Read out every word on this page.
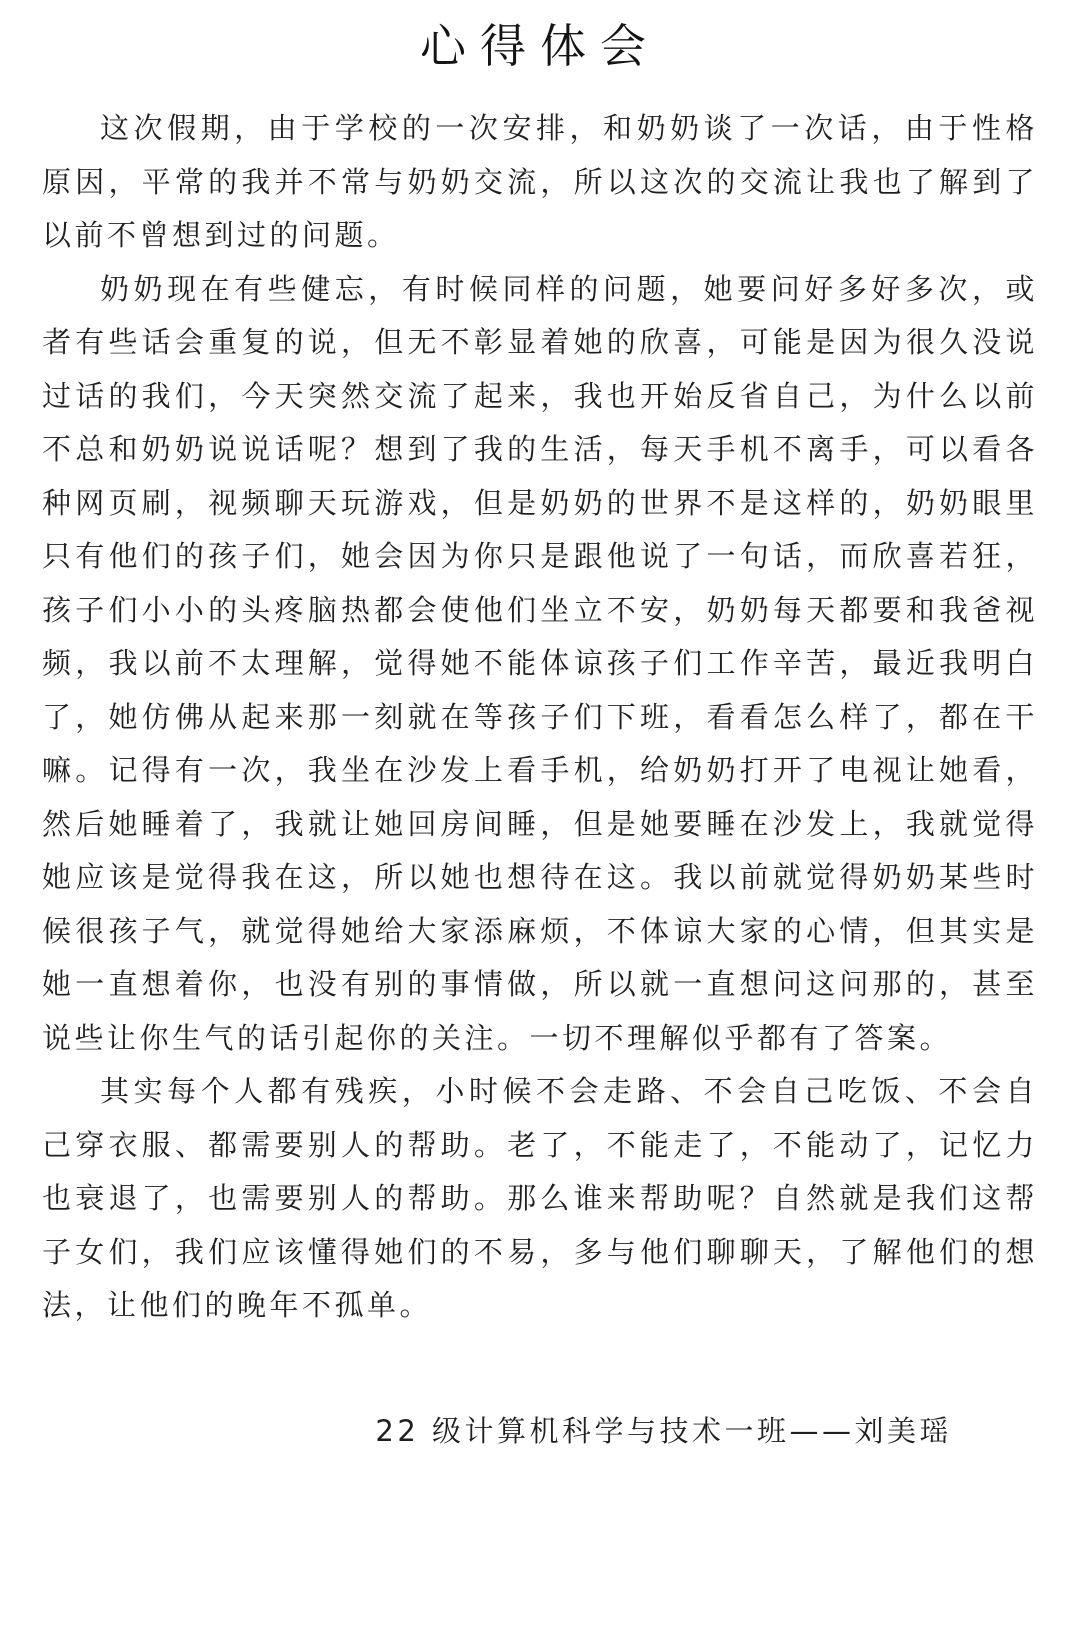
心得体会

这次假期，由于学校的一次安排，和奶奶谈了一次话，由于性格原因，平常的我并不常与奶奶交流，所以这次的交流让我也了解到了以前不曾想到过的问题。

奶奶现在有些健忘，有时候同样的问题，她要问好多好多次，或者有些话会重复的说，但无不彰显着她的欣喜，可能是因为很久没说过话的我们，今天突然交流了起来，我也开始反省自己，为什么以前不总和奶奶说说话呢？想到了我的生活，每天手机不离手，可以看各种网页刷，视频聊天玩游戏，但是奶奶的世界不是这样的，奶奶眼里只有他们的孩子们，她会因为你只是跟他说了一句话，而欣喜若狂，孩子们小小的头疼脑热都会使他们坐立不安，奶奶每天都要和我爸视频，我以前不太理解，觉得她不能体谅孩子们工作辛苦，最近我明白了，她仿佛从起来那一刻就在等孩子们下班，看看怎么样了，都在干嘛。记得有一次，我坐在沙发上看手机，给奶奶打开了电视让她看，然后她睡着了，我就让她回房间睡，但是她要睡在沙发上，我就觉得她应该是觉得我在这，所以她也想待在这。我以前就觉得奶奶某些时候很孩子气，就觉得她给大家添麻烦，不体谅大家的心情，但其实是她一直想着你，也没有别的事情做，所以就一直想问这问那的，甚至说些让你生气的话引起你的关注。一切不理解似乎都有了答案。

其实每个人都有残疾，小时候不会走路、不会自己吃饭、不会自己穿衣服、都需要别人的帮助。老了，不能走了，不能动了，记忆力也衰退了，也需要别人的帮助。那么谁来帮助呢？自然就是我们这帮子女们，我们应该懂得她们的不易，多与他们聊聊天，了解他们的想法，让他们的晚年不孤单。

22 级计算机科学与技术一班——刘美瑶
